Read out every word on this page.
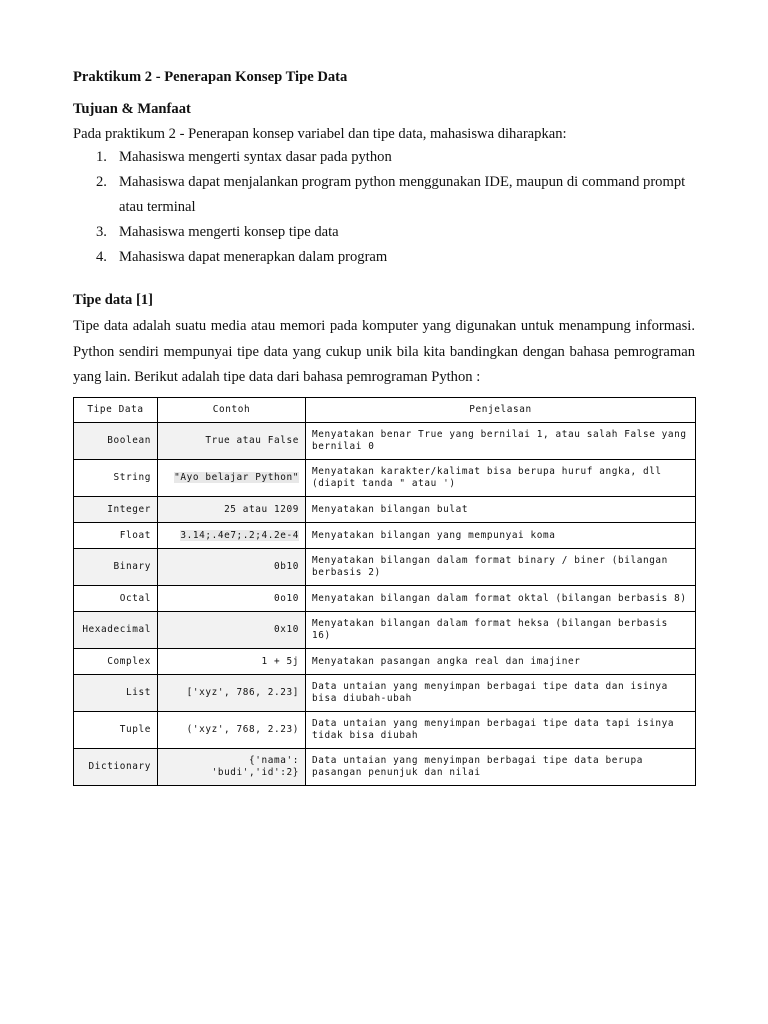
Praktikum 2 - Penerapan Konsep Tipe Data
Tujuan & Manfaat
Pada praktikum 2 - Penerapan konsep variabel dan tipe data, mahasiswa diharapkan:
1. Mahasiswa mengerti syntax dasar pada python
2. Mahasiswa dapat menjalankan program python menggunakan IDE, maupun di command prompt atau terminal
3. Mahasiswa mengerti konsep tipe data
4. Mahasiswa dapat menerapkan dalam program
Tipe data [1]
Tipe data adalah suatu media atau memori pada komputer yang digunakan untuk menampung informasi. Python sendiri mempunyai tipe data yang cukup unik bila kita bandingkan dengan bahasa pemrograman yang lain. Berikut adalah tipe data dari bahasa pemrograman Python :
Tipe Data	Contoh	Penjelasan
Boolean	True atau False	Menyatakan benar True yang bernilai 1, atau salah False yang bernilai 0
String	"Ayo belajar Python"	Menyatakan karakter/kalimat bisa berupa huruf angka, dll (diapit tanda " atau ')
Integer	25 atau 1209	Menyatakan bilangan bulat
Float	3.14;.4e7;.2;4.2e-4	Menyatakan bilangan yang mempunyai koma
Binary	0b10	Menyatakan bilangan dalam format binary / biner (bilangan berbasis 2)
Octal	0o10	Menyatakan bilangan dalam format oktal (bilangan berbasis 8)
Hexadecimal	0x10	Menyatakan bilangan dalam format heksa (bilangan berbasis 16)
Complex	1 + 5j	Menyatakan pasangan angka real dan imajiner
List	['xyz', 786, 2.23]	Data untaian yang menyimpan berbagai tipe data dan isinya bisa diubah-ubah
Tuple	('xyz', 768, 2.23)	Data untaian yang menyimpan berbagai tipe data tapi isinya tidak bisa diubah
Dictionary	{'nama':
'budi','id':2}	Data untaian yang menyimpan berbagai tipe data berupa pasangan penunjuk dan nilai
